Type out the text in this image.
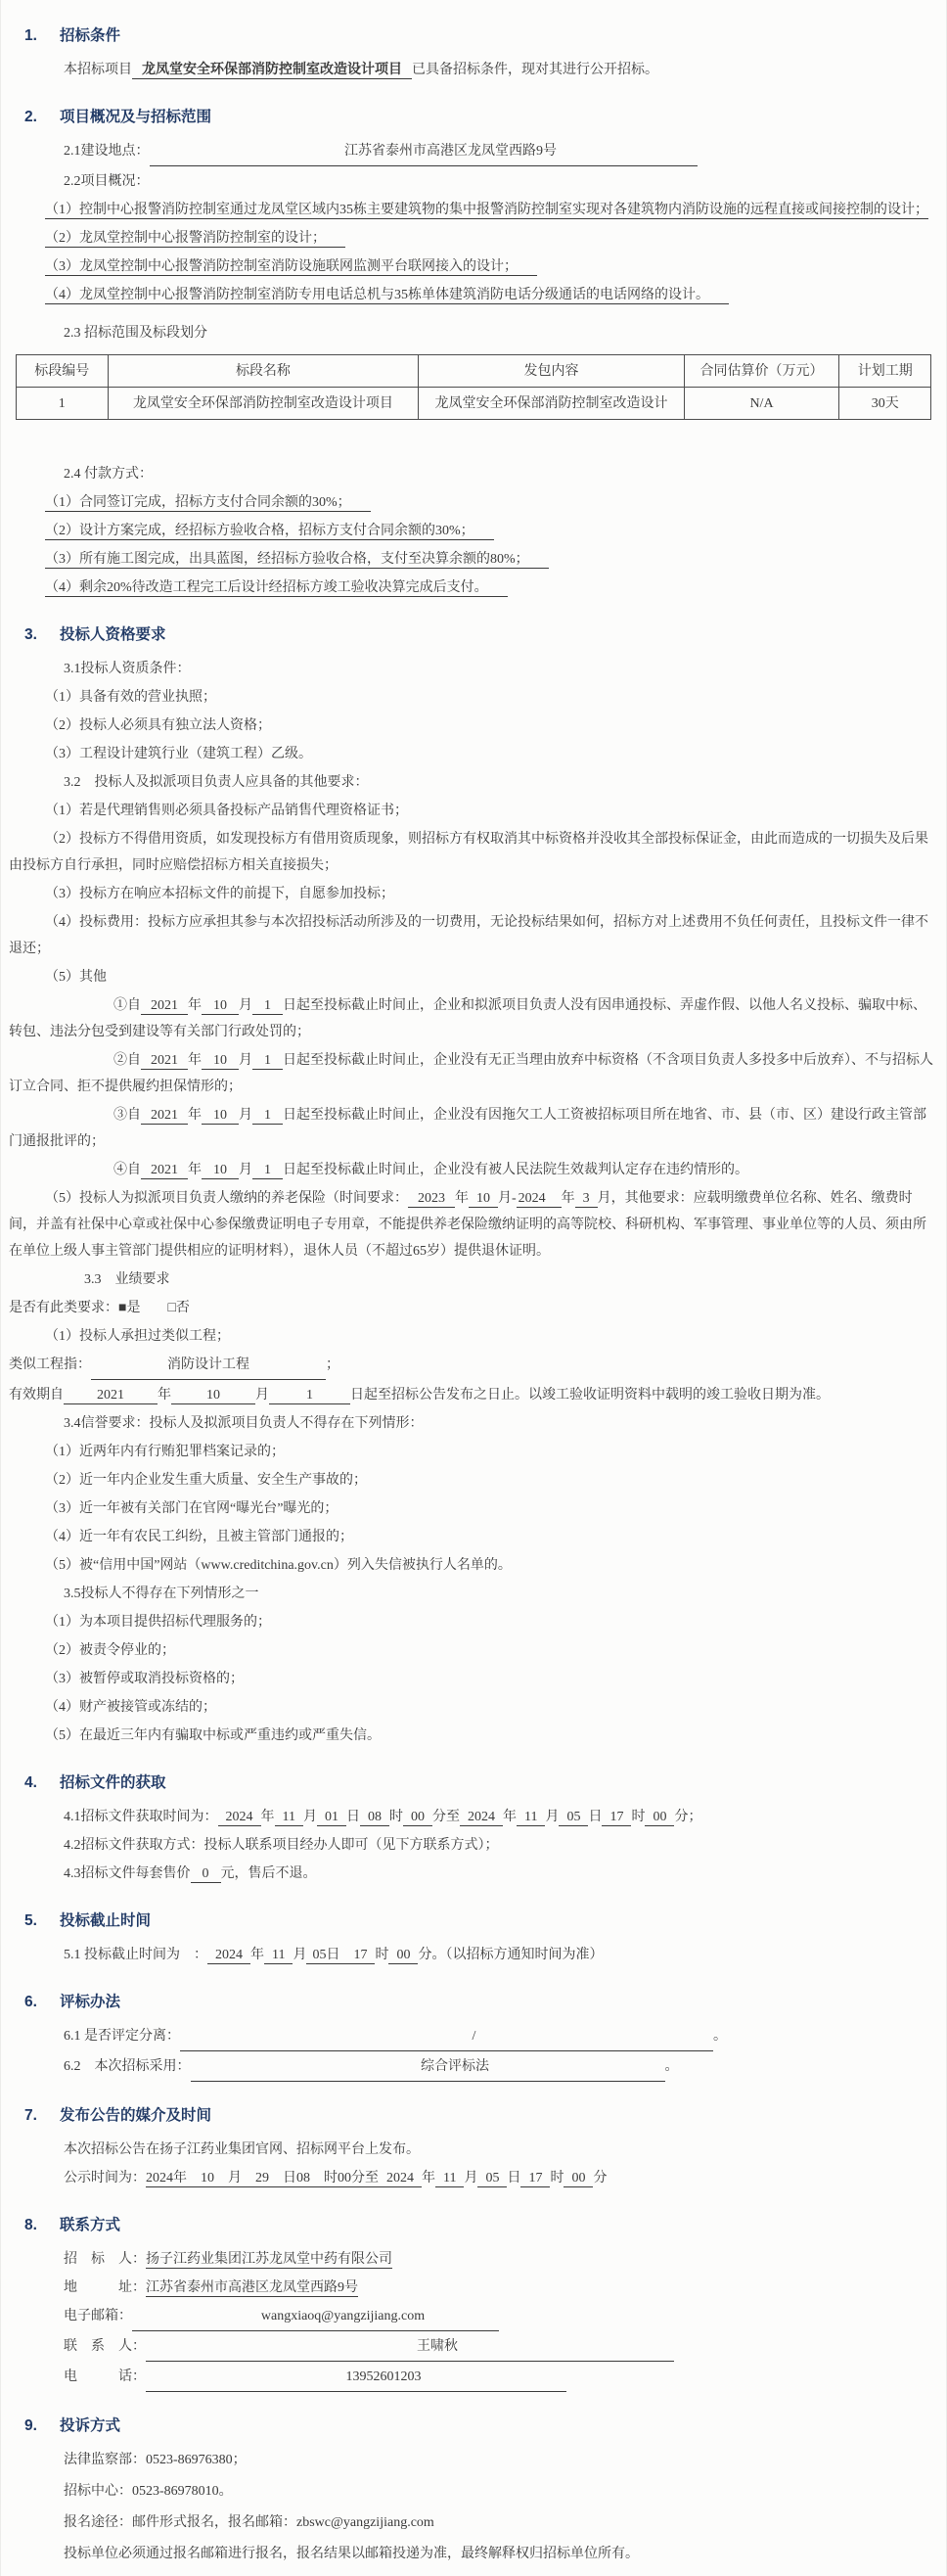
1. 招标条件

本招标项目 龙凤堂安全环保部消防控制室改造设计项目 已具备招标条件，现对其进行公开招标。

2. 项目概况及与招标范围

2.1建设地点：	江苏省泰州市高港区龙凤堂西路9号

2.2项目概况：

（1）控制中心报警消防控制室通过龙凤堂区域内35栋主要建筑物的集中报警消防控制室实现对各建筑物内消防设施的远程直接或间接控制的设计；

（2）龙凤堂控制中心报警消防控制室的设计；

（3）龙凤堂控制中心报警消防控制室消防设施联网监测平台联网接入的设计；

（4）龙凤堂控制中心报警消防控制室消防专用电话总机与35栋单体建筑消防电话分级通话的电话网络的设计。

2.3 招标范围及标段划分

标段编号	标段名称	发包内容	合同估算价（万元）	计划工期
1	龙凤堂安全环保部消防控制室改造设计项目	龙凤堂安全环保部消防控制室改造设计	N/A	30天

2.4 付款方式：

（1）合同签订完成，招标方支付合同余额的30%；

（2）设计方案完成，经招标方验收合格，招标方支付合同余额的30%；

（3）所有施工图完成，出具蓝图，经招标方验收合格，支付至决算余额的80%；

（4）剩余20%待改造工程完工后设计经招标方竣工验收决算完成后支付。

3. 投标人资格要求

3.1投标人资质条件：

（1）具备有效的营业执照；

（2）投标人必须具有独立法人资格；

（3）工程设计建筑行业（建筑工程）乙级。

3.2　投标人及拟派项目负责人应具备的其他要求：

（1）若是代理销售则必须具备投标产品销售代理资格证书；

（2）投标方不得借用资质，如发现投标方有借用资质现象，则招标方有权取消其中标资格并没收其全部投标保证金，由此而造成的一切损失及后果由投标方自行承担，同时应赔偿招标方相关直接损失；

（3）投标方在响应本招标文件的前提下，自愿参加投标；

（4）投标费用：投标方应承担其参与本次招投标活动所涉及的一切费用，无论投标结果如何，招标方对上述费用不负任何责任，且投标文件一律不退还；

（5）其他

①自 2021 年 10 月 1 日起至投标截止时间止，企业和拟派项目负责人没有因串通投标、弄虚作假、以他人名义投标、骗取中标、转包、违法分包受到建设等有关部门行政处罚的；

②自 2021 年 10 月 1 日起至投标截止时间止，企业没有无正当理由放弃中标资格（不含项目负责人多投多中后放弃）、不与招标人订立合同、拒不提供履约担保情形的；

③自 2021 年 10 月 1 日起至投标截止时间止，企业没有因拖欠工人工资被招标项目所在地省、市、县（市、区）建设行政主管部门通报批评的；

④自 2021 年 10 月 1 日起至投标截止时间止，企业没有被人民法院生效裁判认定存在违约情形的。

（5）投标人为拟派项目负责人缴纳的养老保险（时间要求： 2023 年 10 月- 2024 年 3 月，其他要求：应载明缴费单位名称、姓名、缴费时间，并盖有社保中心章或社保中心参保缴费证明电子专用章，不能提供养老保险缴纳证明的高等院校、科研机构、军事管理、事业单位等的人员、须由所在单位上级人事主管部门提供相应的证明材料），退休人员（不超过65岁）提供退休证明。

3.3　业绩要求

是否有此类要求：■是　　□否

（1）投标人承担过类似工程；

类似工程指：	消防设计工程	；

有效期自 2021 年	10	月	1	日起至招标公告发布之日止。以竣工验收证明资料中载明的竣工验收日期为准。

3.4信誉要求：投标人及拟派项目负责人不得存在下列情形：

（1）近两年内有行贿犯罪档案记录的；

（2）近一年内企业发生重大质量、安全生产事故的；

（3）近一年被有关部门在官网“曝光台”曝光的；

（4）近一年有农民工纠纷，且被主管部门通报的；

（5）被“信用中国”网站（www.creditchina.gov.cn）列入失信被执行人名单的。

3.5投标人不得存在下列情形之一

（1）为本项目提供招标代理服务的；

（2）被责令停业的；

（3）被暂停或取消投标资格的；

（4）财产被接管或冻结的；

（5）在最近三年内有骗取中标或严重违约或严重失信。

4. 招标文件的获取

4.1招标文件获取时间为： 2024 年 11 月 01 日 08 时 00 分至 2024 年 11 月 05 日 17 时 00 分；

4.2招标文件获取方式：投标人联系项目经办人即可（见下方联系方式）；

4.3招标文件每套售价 0 元，售后不退。

5. 投标截止时间

5.1 投标截止时间为　： 2024 年 11 月 05日 17 时 00 分。（以招标方通知时间为准）

6. 评标办法

6.1 是否评定分离：	/	。

6.2　本次招标采用：	综合评标法	。

7. 发布公告的媒介及时间

本次招标公告在扬子江药业集团官网、招标网平台上发布。

公示时间为：2024年　10　月　29　日08　时00分至 2024 年 11 月 05 日 17 时 00 分

8. 联系方式

招　标　人：扬子江药业集团江苏龙凤堂中药有限公司

地　　　址：江苏省泰州市高港区龙凤堂西路9号

电子邮箱：	wangxiaoq@yangzijiang.com

联　系　人：	王啸秋

电　　　话：	13952601203

9. 投诉方式

法律监察部：0523-86976380；

招标中心：0523-86978010。

报名途径：邮件形式报名，报名邮箱：zbswc@yangzijiang.com

投标单位必须通过报名邮箱进行报名，报名结果以邮箱投递为准，最终解释权归招标单位所有。
